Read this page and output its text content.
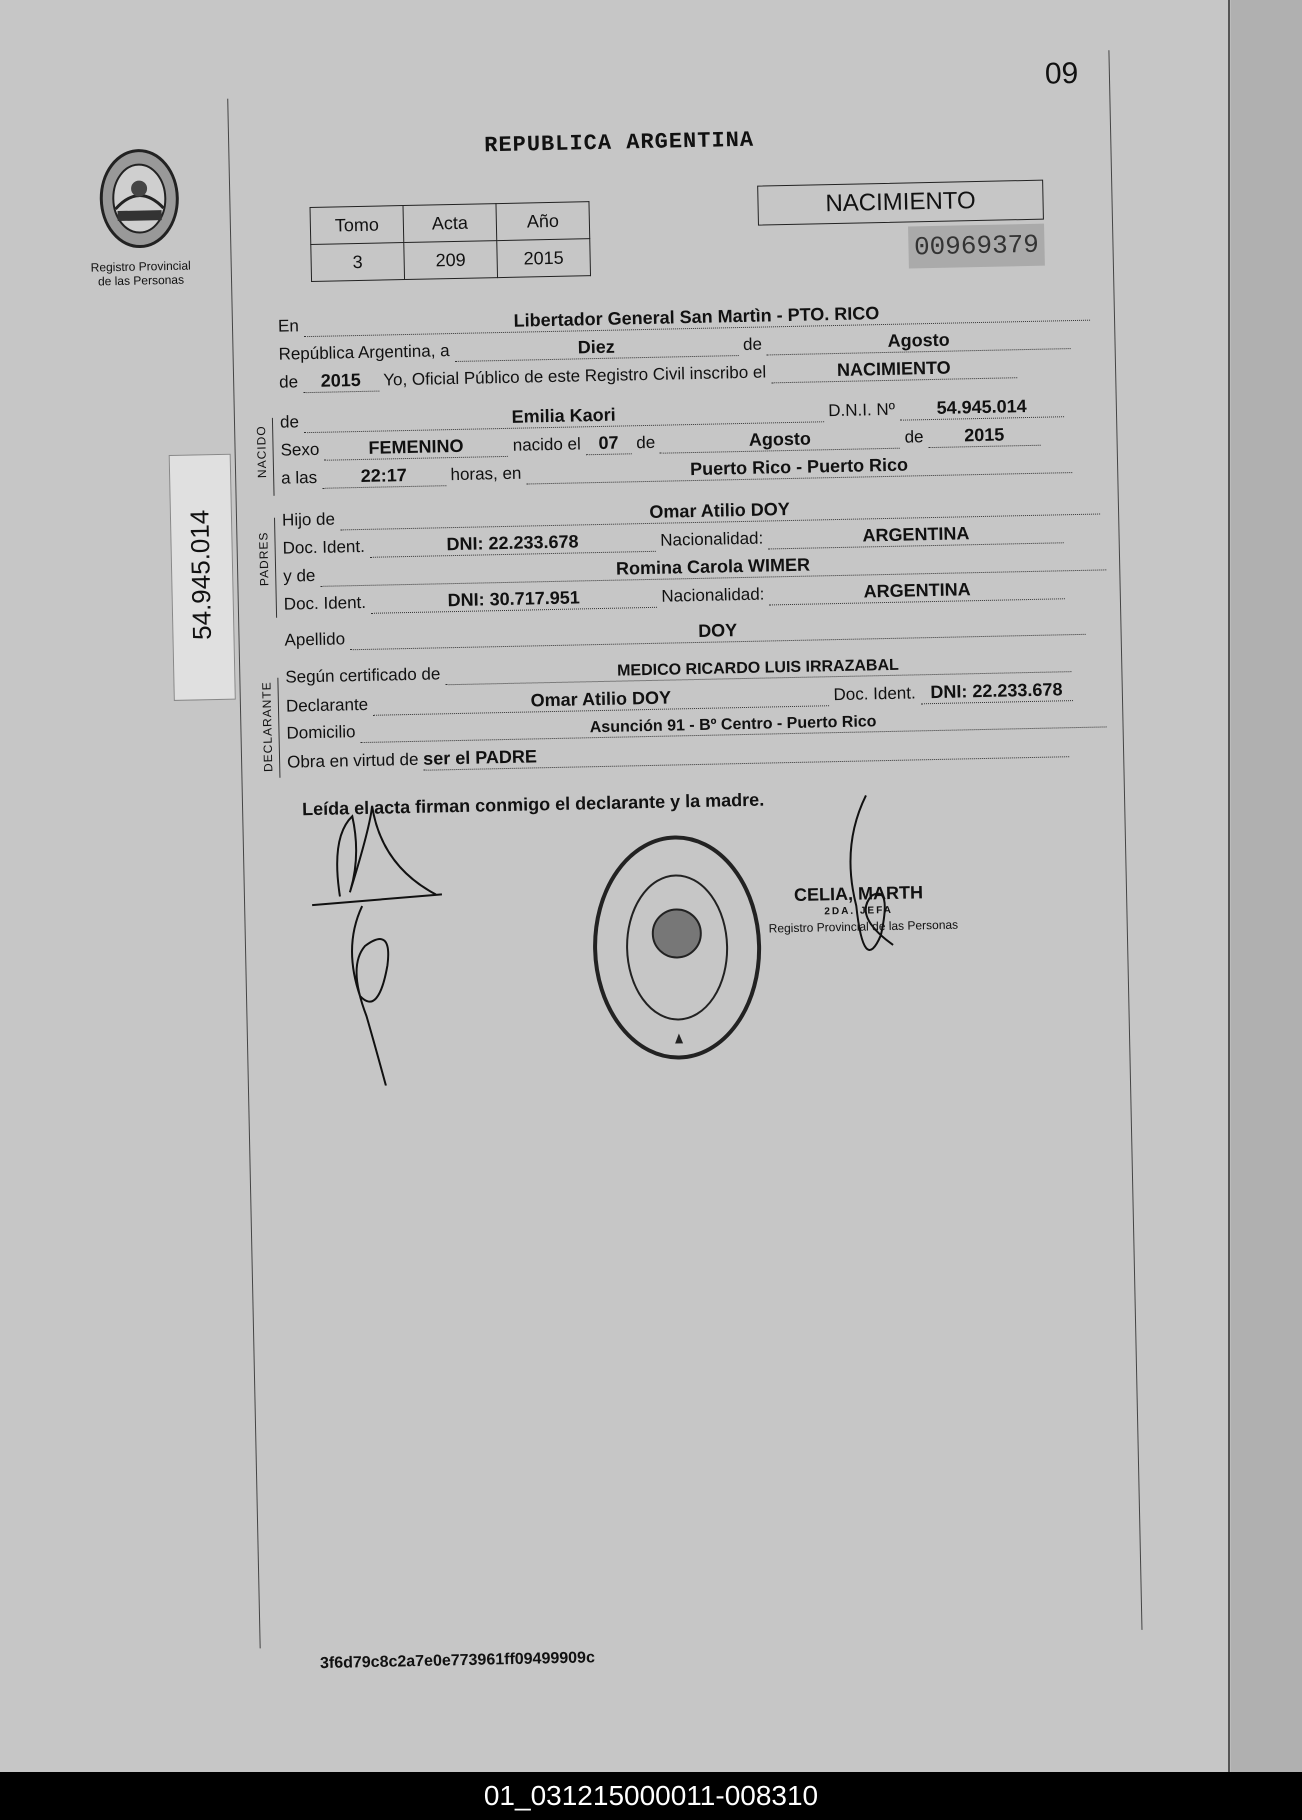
09
Registro Provincial
de las Personas
REPUBLICA ARGENTINA
Tomo	Acta	Año
3	209	2015
NACIMIENTO
00969379
54.945.014
NACIDO
PADRES
DECLARANTE
En	Libertador General San Martìn - PTO. RICO
República Argentina, a	Diez	de	Agosto
de 2015 Yo, Oficial Público de este Registro Civil inscribo el	NACIMIENTO
de	Emilia Kaori	D.N.I. Nº 54.945.014
Sexo	FEMENINO	nacido el 07 de	Agosto	de 2015
a las 22:17	horas, en	Puerto Rico - Puerto Rico
Hijo de	Omar Atilio DOY
Doc. Ident.	DNI: 22.233.678	Nacionalidad:	ARGENTINA
y de	Romina Carola WIMER
Doc. Ident.	DNI: 30.717.951	Nacionalidad:	ARGENTINA
Apellido	DOY
Según certificado de	MEDICO RICARDO LUIS IRRAZABAL
Declarante	Omar Atilio DOY	Doc. Ident. DNI: 22.233.678
Domicilio	Asunción 91 - Bº Centro - Puerto Rico
Obra en virtud de ser el PADRE
Leída el acta firman conmigo el declarante y la madre.
CELIA, MARTH
2DA. JEFA
Registro Provincial de las Personas
3f6d79c8c2a7e0e773961ff09499909c
01_031215000011-008310
